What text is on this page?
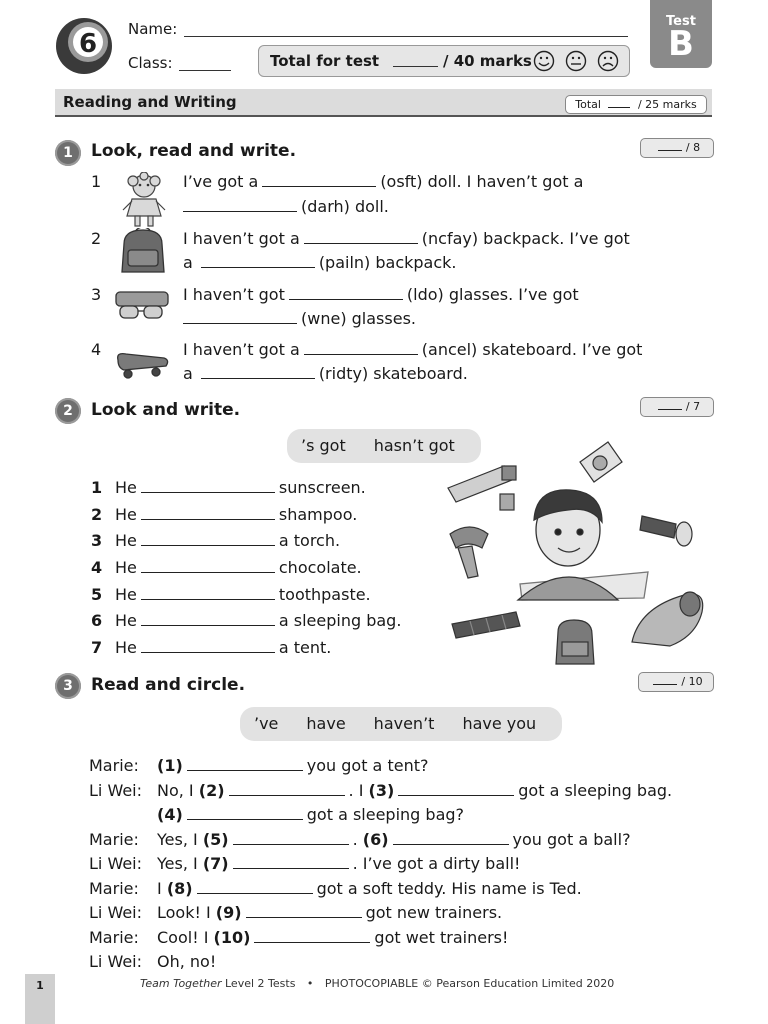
6	Name:
Class:	Total for test	/ 40 marks
Test
B
Reading and Writing	Total	/ 25 marks
1	Look, read and write.	/ 8
1	I’ve got a	(osft) doll. I haven’t got a
(darh) doll.
2	I haven’t got a	(ncfay) backpack. I’ve got
a	(pailn) backpack.
3	I haven’t got	(ldo) glasses. I’ve got
(wne) glasses.
4	I haven’t got a	(ancel) skateboard. I’ve got
a	(ridty) skateboard.
2	Look and write.	/ 7
’s got hasn’t got
1 He	sunscreen.
2 He	shampoo.
3 He	a torch.
4 He	chocolate.
5 He	toothpaste.
6 He	a sleeping bag.
7 He	a tent.
3	Read and circle.	/ 10
’ve have haven’t have you
Marie: (1)	you got a tent?
Li Wei: No, I (2)	. I (3)	got a sleeping bag.
(4)	got a sleeping bag?
Marie: Yes, I (5)	. (6)	you got a ball?
Li Wei: Yes, I (7)	. I’ve got a dirty ball!
Marie: I (8)	got a soft teddy. His name is Ted.
Li Wei: Look! I (9)	got new trainers.
Marie: Cool! I (10)	got wet trainers!
Li Wei: Oh, no!
1	Team Together Level 2 Tests • PHOTOCOPIABLE © Pearson Education Limited 2020
